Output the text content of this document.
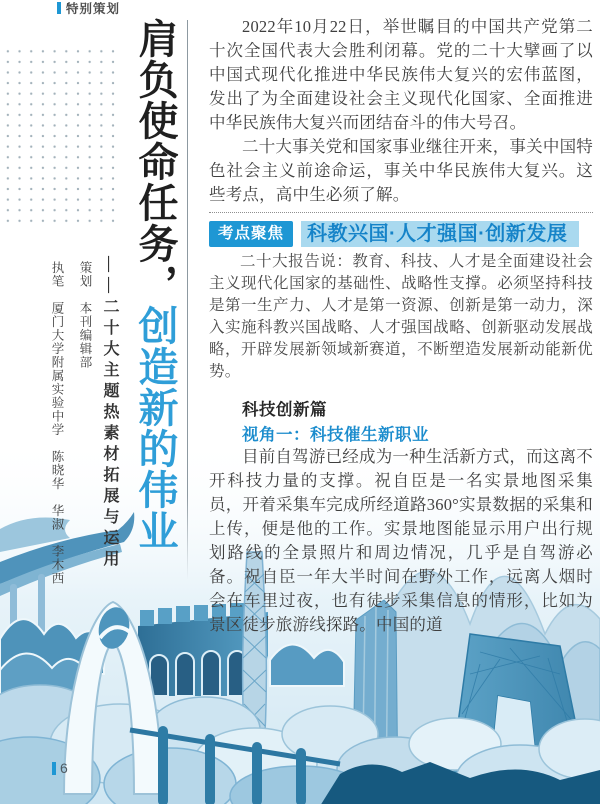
特别策划
肩负使命任务，创造新的伟业
——二十大主题热素材拓展与运用
策划　本刊编辑部
执笔　厦门大学附属实验中学　陈晓华　华淑　李木西

2022年10月22日，举世瞩目的中国共产党第二十次全国代表大会胜利闭幕。党的二十大擘画了以中国式现代化推进中华民族伟大复兴的宏伟蓝图，发出了为全面建设社会主义现代化国家、全面推进中华民族伟大复兴而团结奋斗的伟大号召。

二十大事关党和国家事业继往开来，事关中国特色社会主义前途命运，事关中华民族伟大复兴。这些考点，高中生必须了解。

考点聚焦	科教兴国·人才强国·创新发展

二十大报告说：教育、科技、人才是全面建设社会主义现代化国家的基础性、战略性支撑。必须坚持科技是第一生产力、人才是第一资源、创新是第一动力，深入实施科教兴国战略、人才强国战略、创新驱动发展战略，开辟发展新领域新赛道，不断塑造发展新动能新优势。

科技创新篇
视角一：科技催生新职业

目前自驾游已经成为一种生活新方式，而这离不开科技力量的支撑。祝自臣是一名实景地图采集员，开着采集车完成所经道路360°实景数据的采集和上传，便是他的工作。实景地图能显示用户出行规划路线的全景照片和周边情况，几乎是自驾游必备。祝自臣一年大半时间在野外工作，远离人烟时会在车里过夜，也有徒步采集信息的情形，比如为景区徒步旅游线探路。中国的道

6
